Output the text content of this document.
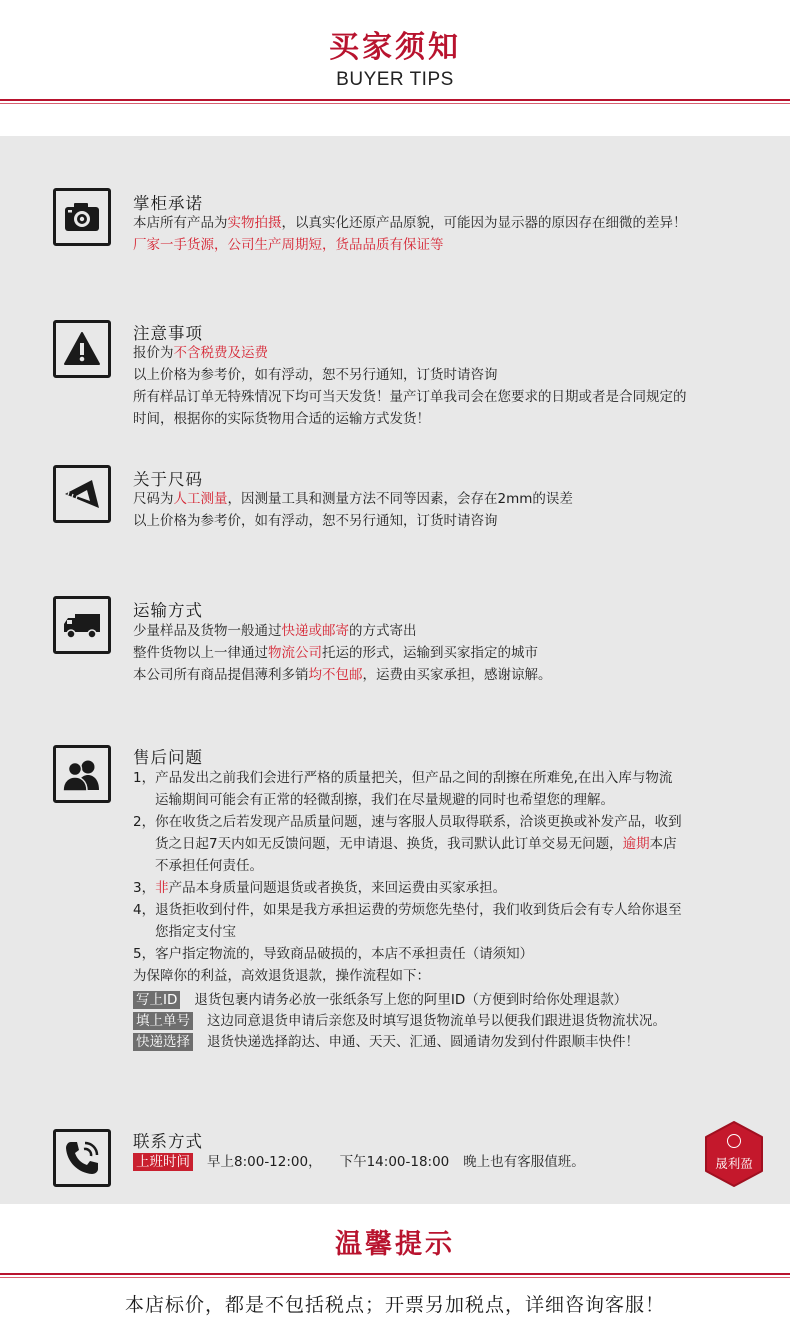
买家须知
BUYER TIPS
掌柜承诺
本店所有产品为实物拍摄，以真实化还原产品原貌，可能因为显示器的原因存在细微的差异！
厂家一手货源，公司生产周期短，货品品质有保证等
注意事项
报价为不含税费及运费
以上价格为参考价，如有浮动，恕不另行通知，订货时请咨询
所有样品订单无特殊情况下均可当天发货！量产订单我司会在您要求的日期或者是合同规定的
时间，根据你的实际货物用合适的运输方式发货！
关于尺码
尺码为人工测量，因测量工具和测量方法不同等因素，会存在2mm的误差
以上价格为参考价，如有浮动，恕不另行通知，订货时请咨询
运输方式
少量样品及货物一般通过快递或邮寄的方式寄出
整件货物以上一律通过物流公司托运的形式，运输到买家指定的城市
本公司所有商品提倡薄利多销均不包邮，运费由买家承担，感谢谅解。
售后问题
1，产品发出之前我们会进行严格的质量把关，但产品之间的刮擦在所难免,在出入库与物流
运输期间可能会有正常的轻微刮擦，我们在尽量规避的同时也希望您的理解。
2，你在收货之后若发现产品质量问题，速与客服人员取得联系，洽谈更换或补发产品，收到
货之日起7天内如无反馈问题，无申请退、换货，我司默认此订单交易无问题，逾期本店
不承担任何责任。
3，非产品本身质量问题退货或者换货，来回运费由买家承担。
4，退货拒收到付件，如果是我方承担运费的劳烦您先垫付，我们收到货后会有专人给你退至
您指定支付宝
5，客户指定物流的，导致商品破损的，本店不承担责任（请须知）
为保障你的利益，高效退货退款，操作流程如下：
写上ID 退货包裹内请务必放一张纸条写上您的阿里ID（方便到时给你处理退款）
填上单号 这边同意退货申请后亲您及时填写退货物流单号以便我们跟进退货物流状况。
快递选择 退货快递选择韵达、申通、天天、汇通、圆通请勿发到付件跟顺丰快件！
联系方式
上班时间 早上8:00-12:00， 下午14:00-18:00 晚上也有客服值班。	晟利盈
温馨提示
本店标价，都是不包括税点；开票另加税点，详细咨询客服！
